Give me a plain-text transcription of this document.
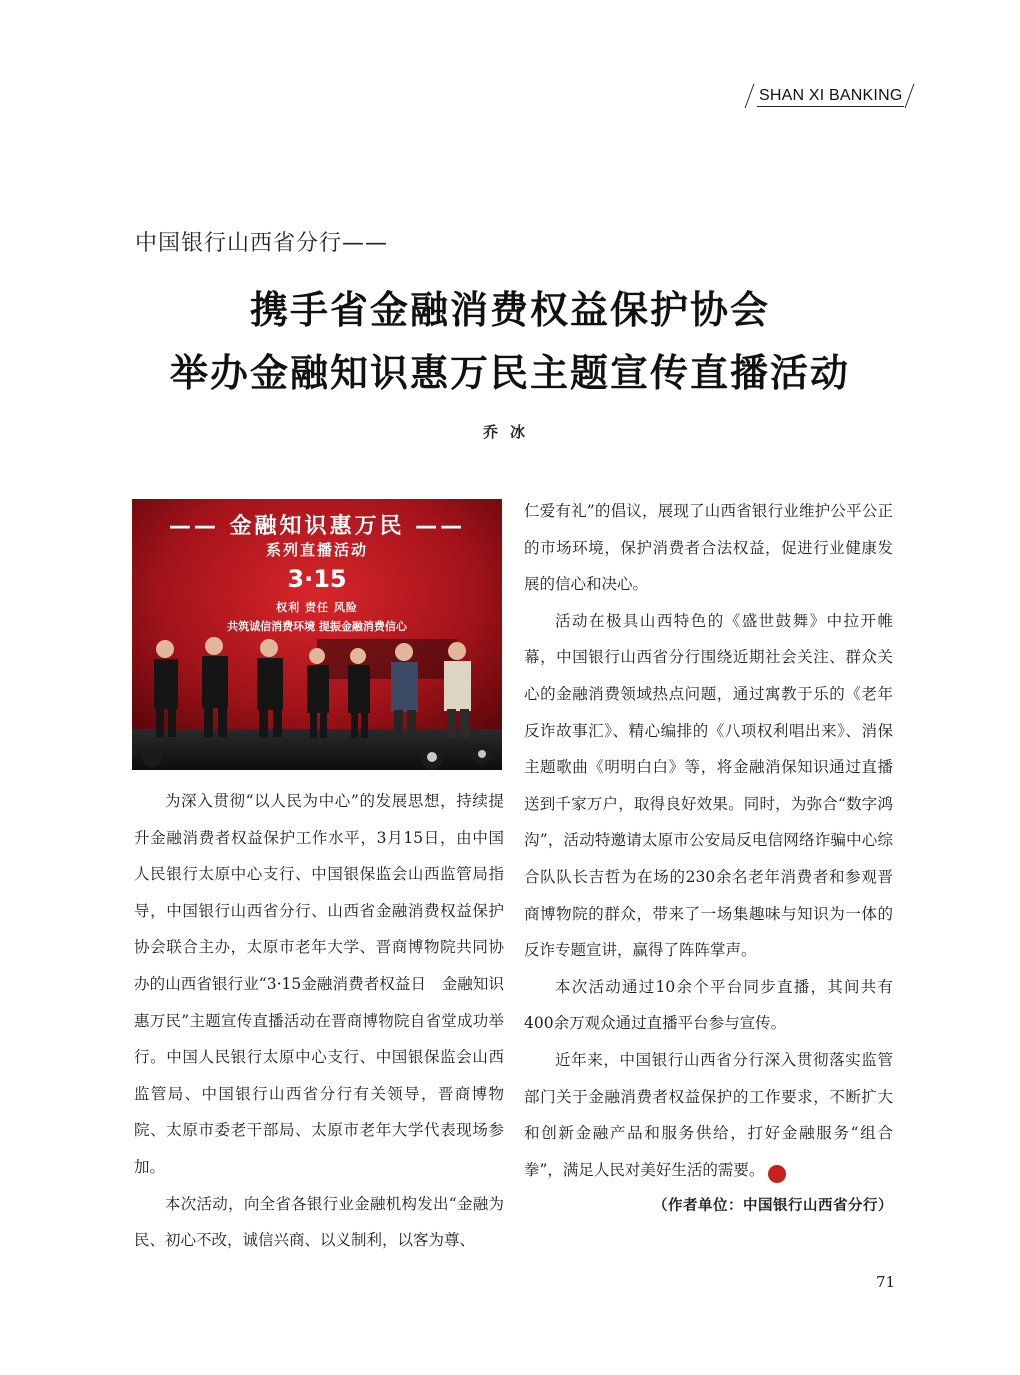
SHAN XI BANKING
中国银行山西省分行——
携手省金融消费权益保护协会
举办金融知识惠万民主题宣传直播活动
乔冰
—— 金融知识惠万民 ——
系列直播活动
3·15
权利 责任 风险
共筑诚信消费环境 提振金融消费信心

为深入贯彻“以人民为中心”的发展思想，持续提升金融消费者权益保护工作水平，3月15日，由中国人民银行太原中心支行、中国银保监会山西监管局指导，中国银行山西省分行、山西省金融消费权益保护协会联合主办，太原市老年大学、晋商博物院共同协办的山西省银行业“3·15金融消费者权益日　金融知识惠万民”主题宣传直播活动在晋商博物院自省堂成功举行。中国人民银行太原中心支行、中国银保监会山西监管局、中国银行山西省分行有关领导，晋商博物院、太原市委老干部局、太原市老年大学代表现场参加。

本次活动，向全省各银行业金融机构发出“金融为民、初心不改，诚信兴商、以义制利，以客为尊、

仁爱有礼”的倡议，展现了山西省银行业维护公平公正的市场环境，保护消费者合法权益，促进行业健康发展的信心和决心。

活动在极具山西特色的《盛世鼓舞》中拉开帷幕，中国银行山西省分行围绕近期社会关注、群众关心的金融消费领域热点问题，通过寓教于乐的《老年反诈故事汇》、精心编排的《八项权利唱出来》、消保主题歌曲《明明白白》等，将金融消保知识通过直播送到千家万户，取得良好效果。同时，为弥合“数字鸿沟”，活动特邀请太原市公安局反电信网络诈骗中心综合队队长吉哲为在场的230余名老年消费者和参观晋商博物院的群众，带来了一场集趣味与知识为一体的反诈专题宣讲，赢得了阵阵掌声。

本次活动通过10余个平台同步直播，其间共有400余万观众通过直播平台参与宣传。

近年来，中国银行山西省分行深入贯彻落实监管部门关于金融消费者权益保护的工作要求，不断扩大和创新金融产品和服务供给，打好金融服务“组合拳”，满足人民对美好生活的需要。	中

（作者单位：中国银行山西省分行）

71
